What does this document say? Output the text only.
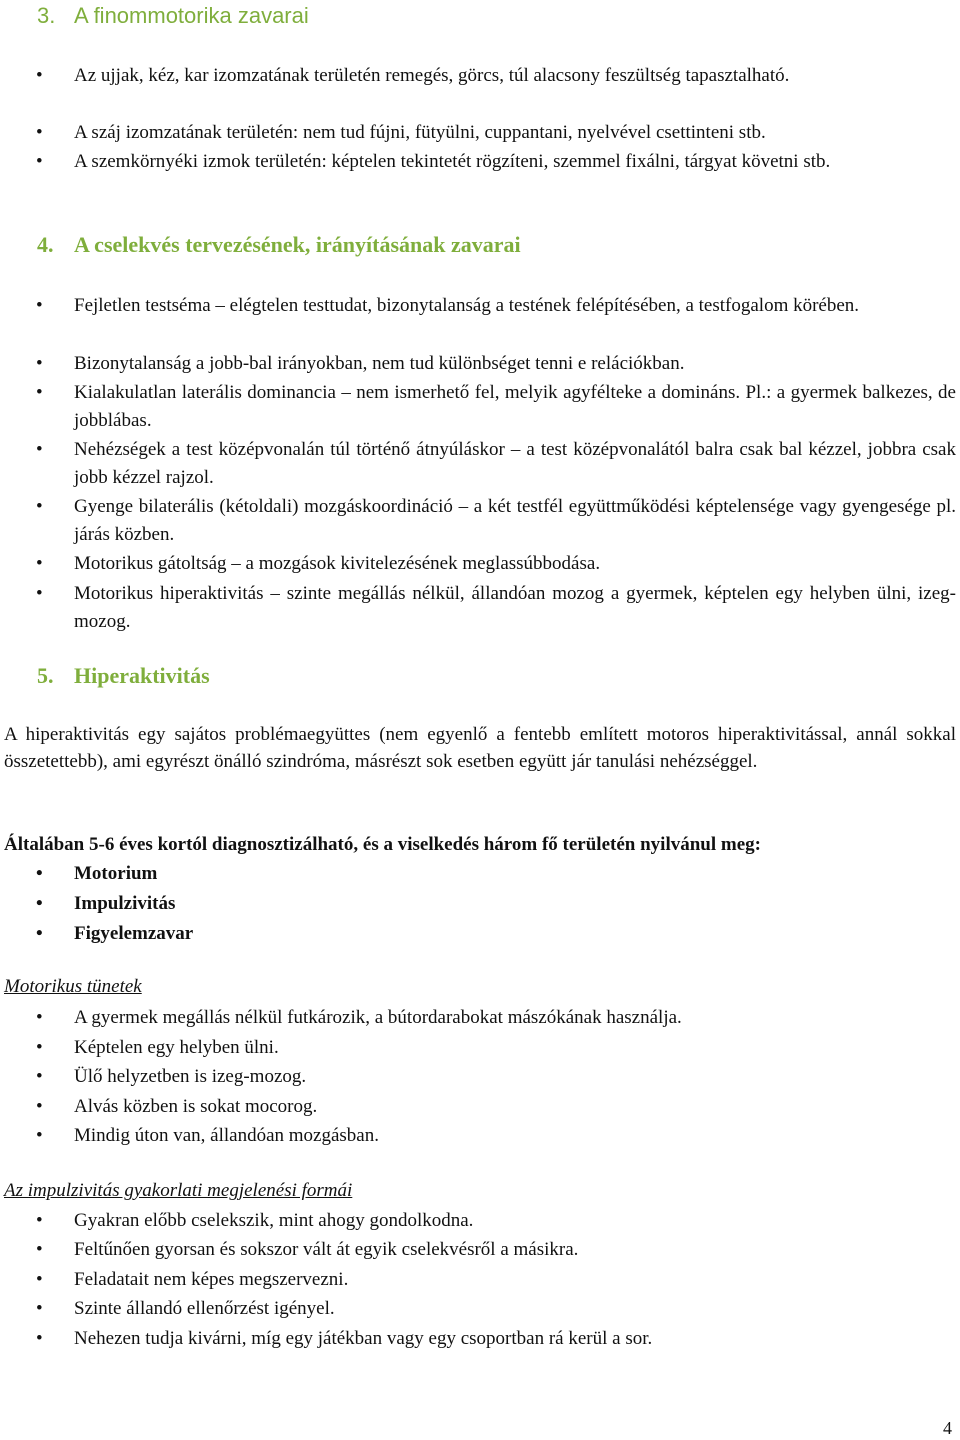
3. A finommotorika zavarai
•	Az ujjak, kéz, kar izomzatának területén remegés, görcs, túl alacsony feszültség tapasztalható.
•	A száj izomzatának területén: nem tud fújni, fütyülni, cuppantani, nyelvével csettinteni stb.
•	A szemkörnyéki izmok területén: képtelen tekintetét rögzíteni, szemmel fixálni, tárgyat követni stb.
4. A cselekvés tervezésének, irányításának zavarai
•	Fejletlen testséma – elégtelen testtudat, bizonytalanság a testének felépítésében, a testfogalom körében.
•	Bizonytalanság a jobb-bal irányokban, nem tud különbséget tenni e relációkban.
•	Kialakulatlan laterális dominancia – nem ismerhető fel, melyik agyfélteke a domináns. Pl.: a gyermek balkezes, de jobblábas.
•	Nehézségek a test középvonalán túl történő átnyúláskor – a test középvonalától balra csak bal kézzel, jobbra csak jobb kézzel rajzol.
•	Gyenge bilaterális (kétoldali) mozgáskoordináció – a két testfél együttműködési képtelensége vagy gyengesége pl. járás közben.
•	Motorikus gátoltság – a mozgások kivitelezésének meglassúbbodása.
•	Motorikus hiperaktivitás – szinte megállás nélkül, állandóan mozog a gyermek, képtelen egy helyben ülni, izeg-mozog.
5. Hiperaktivitás

A hiperaktivitás egy sajátos problémaegyüttes (nem egyenlő a fentebb említett motoros hiperaktivitással, annál sokkal összetettebb), ami egyrészt önálló szindróma, másrészt sok esetben együtt jár tanulási nehézséggel.

Általában 5-6 éves kortól diagnosztizálható, és a viselkedés három fő területén nyilvánul meg:

•	Motorium
•	Impulzivitás
•	Figyelemzavar
Motorikus tünetek
•	A gyermek megállás nélkül futkározik, a bútordarabokat mászókának használja.
•	Képtelen egy helyben ülni.
•	Ülő helyzetben is izeg-mozog.
•	Alvás közben is sokat mocorog.
•	Mindig úton van, állandóan mozgásban.
Az impulzivitás gyakorlati megjelenési formái
•	Gyakran előbb cselekszik, mint ahogy gondolkodna.
•	Feltűnően gyorsan és sokszor vált át egyik cselekvésről a másikra.
•	Feladatait nem képes megszervezni.
•	Szinte állandó ellenőrzést igényel.
•	Nehezen tudja kivárni, míg egy játékban vagy egy csoportban rá kerül a sor.
4
